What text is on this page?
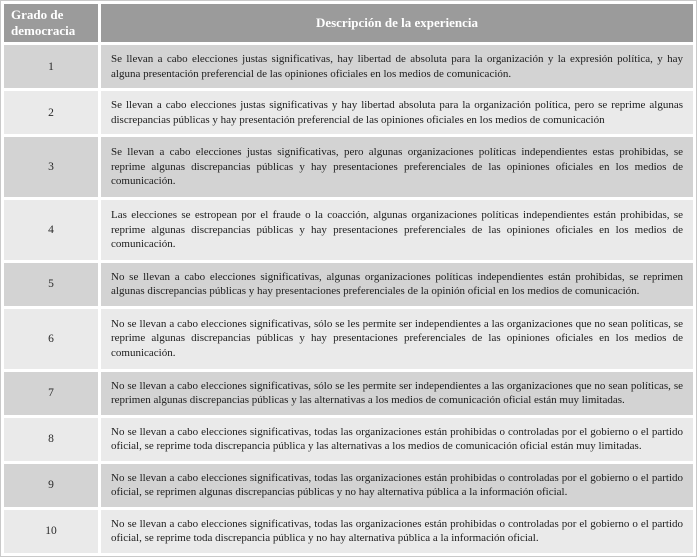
Grado de democracia	Descripción de la experiencia
1	Se llevan a cabo elecciones justas significativas, hay libertad de absoluta para la organización y la expresión política, y hay alguna presentación preferencial de las opiniones oficiales en los medios de comunicación.
2	Se llevan a cabo elecciones justas significativas y hay libertad absoluta para la organización política, pero se reprime algunas discrepancias públicas y hay presentación preferencial de las opiniones oficiales en los medios de comunicación
3	Se llevan a cabo elecciones justas significativas, pero algunas organizaciones políticas independientes estas prohibidas, se reprime algunas discrepancias públicas y hay presentaciones preferenciales de las opiniones oficiales en los medios de comunicación.
4	Las elecciones se estropean por el fraude o la coacción, algunas organizaciones políticas independientes están prohibidas, se reprime algunas discrepancias públicas y hay presentaciones preferenciales de las opiniones oficiales en los medios de comunicación.
5	No se llevan a cabo elecciones significativas, algunas organizaciones políticas independientes están prohibidas, se reprimen algunas discrepancias públicas y hay presentaciones preferenciales de la opinión oficial en los medios de comunicación.
6	No se llevan a cabo elecciones significativas, sólo se les permite ser independientes a las organizaciones que no sean políticas, se reprime algunas discrepancias públicas y hay presentaciones preferenciales de las opiniones oficiales en los medios de comunicación.
7	No se llevan a cabo elecciones significativas, sólo se les permite ser independientes a las organizaciones que no sean políticas, se reprimen algunas discrepancias públicas y las alternativas a los medios de comunicación oficial están muy limitadas.
8	No se llevan a cabo elecciones significativas, todas las organizaciones están prohibidas o controladas por el gobierno o el partido oficial, se reprime toda discrepancia pública y las alternativas a los medios de comunicación oficial están muy limitadas.
9	No se llevan a cabo elecciones significativas, todas las organizaciones están prohibidas o controladas por el gobierno o el partido oficial, se reprimen algunas discrepancias públicas y no hay alternativa pública a la información oficial.
10	No se llevan a cabo elecciones significativas, todas las organizaciones están prohibidas o controladas por el gobierno o el partido oficial, se reprime toda discrepancia pública y no hay alternativa pública a la información oficial.
